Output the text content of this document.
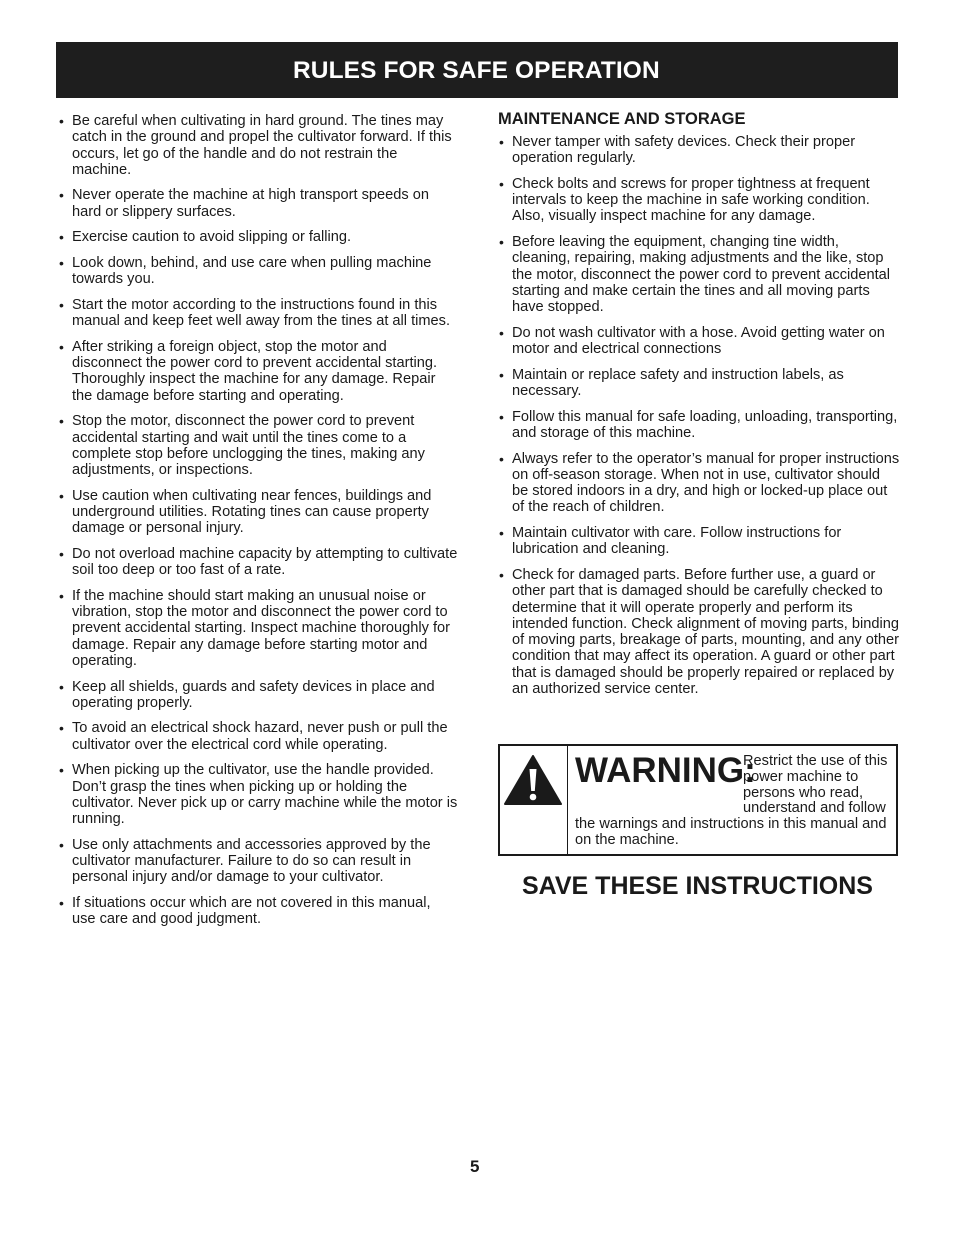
RULES FOR SAFE OPERATION
• Be careful when cultivating in hard ground. The tines may catch in the ground and propel the cultivator forward. If this occurs, let go of the handle and do not restrain the machine.
• Never operate the machine at high transport speeds on hard or slippery surfaces.
• Exercise caution to avoid slipping or falling.
• Look down, behind, and use care when pulling machine towards you.
• Start the motor according to the instructions found in this manual and keep feet well away from the tines at all times.
• After striking a foreign object, stop the motor and disconnect the power cord to prevent accidental starting. Thoroughly inspect the machine for any damage. Repair the damage before starting and operating.
• Stop the motor, disconnect the power cord to prevent accidental starting and wait until the tines come to a complete stop before unclogging the tines, making any adjustments, or inspections.
• Use caution when cultivating near fences, buildings and underground utilities. Rotating tines can cause property damage or personal injury.
• Do not overload machine capacity by attempting to cultivate soil too deep or too fast of a rate.
• If the machine should start making an unusual noise or vibration, stop the motor and disconnect the power cord to prevent accidental starting. Inspect machine thoroughly for damage. Repair any damage before starting motor and operating.
• Keep all shields, guards and safety devices in place and operating properly.
• To avoid an electrical shock hazard, never push or pull the cultivator over the electrical cord while operating.
• When picking up the cultivator, use the handle provided. Don’t grasp the tines when picking up or holding the cultivator. Never pick up or carry machine while the motor is running.
• Use only attachments and accessories approved by the cultivator manufacturer. Failure to do so can result in personal injury and/or damage to your cultivator.
• If situations occur which are not covered in this manual, use care and good judgment.
MAINTENANCE AND STORAGE
• Never tamper with safety devices. Check their proper operation regularly.
• Check bolts and screws for proper tightness at frequent intervals to keep the machine in safe working condition. Also, visually inspect machine for any damage.
• Before leaving the equipment, changing tine width, cleaning, repairing, making adjustments and the like, stop the motor, disconnect the power cord to prevent accidental starting and make certain the tines and all moving parts have stopped.
• Do not wash cultivator with a hose. Avoid getting water on motor and electrical connections
• Maintain or replace safety and instruction labels, as necessary.
• Follow this manual for safe loading, unloading, transporting, and storage of this machine.
• Always refer to the operator’s manual for proper instructions on off-season storage. When not in use, cultivator should be stored indoors in a dry, and high or locked-up place out of the reach of children.
• Maintain cultivator with care. Follow instructions for lubrication and cleaning.
• Check for damaged parts. Before further use, a guard or other part that is damaged should be carefully checked to determine that it will operate properly and perform its intended function. Check alignment of moving parts, binding of moving parts, breakage of parts, mounting, and any other condition that may affect its operation. A guard or other part that is damaged should be properly repaired or replaced by an authorized service center.
WARNING:
Restrict the use of this power machine to persons who read, understand and follow the warnings and instructions in this manual and on the machine.
SAVE THESE INSTRUCTIONS
5
